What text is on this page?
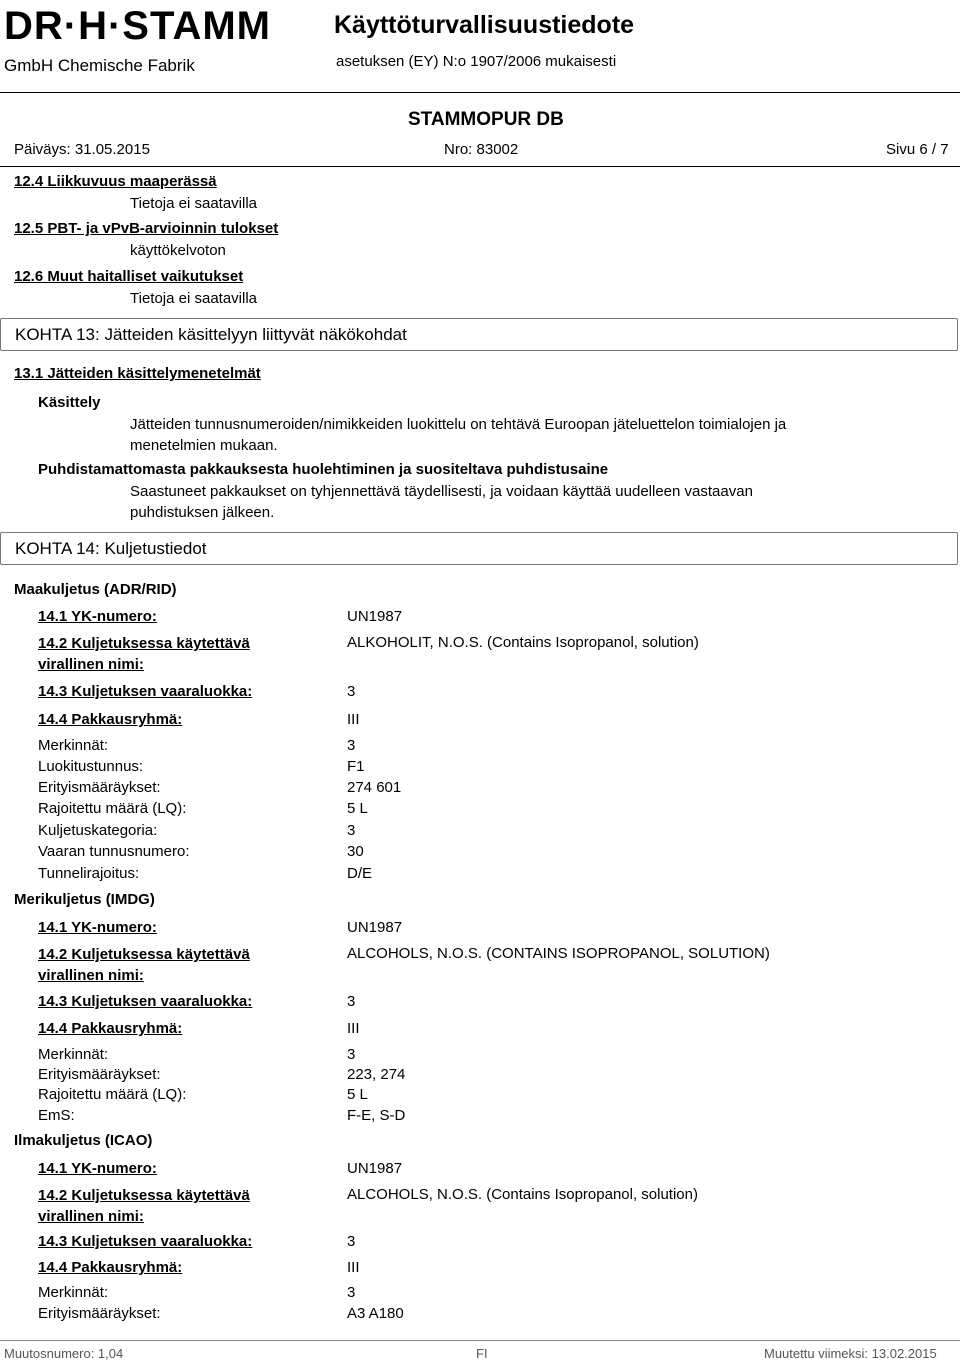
DR·H·STAMM
GmbH Chemische Fabrik
Käyttöturvallisuustiedote
asetuksen (EY) N:o 1907/2006 mukaisesti
STAMMOPUR DB
Päiväys: 31.05.2015	Nro: 83002	Sivu 6 / 7
12.4 Liikkuvuus maaperässä
Tietoja ei saatavilla
12.5 PBT- ja vPvB-arvioinnin tulokset
käyttökelvoton
12.6 Muut haitalliset vaikutukset
Tietoja ei saatavilla
KOHTA 13: Jätteiden käsittelyyn liittyvät näkökohdat
13.1 Jätteiden käsittelymenetelmät
Käsittely
Jätteiden tunnusnumeroiden/nimikkeiden luokittelu on tehtävä Euroopan jäteluettelon toimialojen ja menetelmien mukaan.
Puhdistamattomasta pakkauksesta huolehtiminen ja suositeltava puhdistusaine
Saastuneet pakkaukset on tyhjennettävä täydellisesti, ja voidaan käyttää uudelleen vastaavan puhdistuksen jälkeen.
KOHTA 14: Kuljetustiedot
Maakuljetus (ADR/RID)
14.1 YK-numero:	UN1987
14.2 Kuljetuksessa käytettävä
virallinen nimi:
ALKOHOLIT, N.O.S. (Contains Isopropanol, solution)
14.3 Kuljetuksen vaaraluokka:	3
14.4 Pakkausryhmä:	III
Merkinnät:	3
Luokitustunnus:	F1
Erityismääräykset:	274 601
Rajoitettu määrä (LQ):	5 L
Kuljetuskategoria:	3
Vaaran tunnusnumero:	30
Tunnelirajoitus:	D/E
Merikuljetus (IMDG)
14.1 YK-numero:	UN1987
14.2 Kuljetuksessa käytettävä
virallinen nimi:
ALCOHOLS, N.O.S. (CONTAINS ISOPROPANOL, SOLUTION)
14.3 Kuljetuksen vaaraluokka:	3
14.4 Pakkausryhmä:	III
Merkinnät:	3
Erityismääräykset:	223, 274
Rajoitettu määrä (LQ):	5 L
EmS:	F-E, S-D
Ilmakuljetus (ICAO)
14.1 YK-numero:	UN1987
14.2 Kuljetuksessa käytettävä
virallinen nimi:
ALCOHOLS, N.O.S. (Contains Isopropanol, solution)
14.3 Kuljetuksen vaaraluokka:	3
14.4 Pakkausryhmä:	III
Merkinnät:	3
Erityismääräykset:	A3 A180
Muutosnumero: 1,04	FI	Muutettu viimeksi: 13.02.2015
